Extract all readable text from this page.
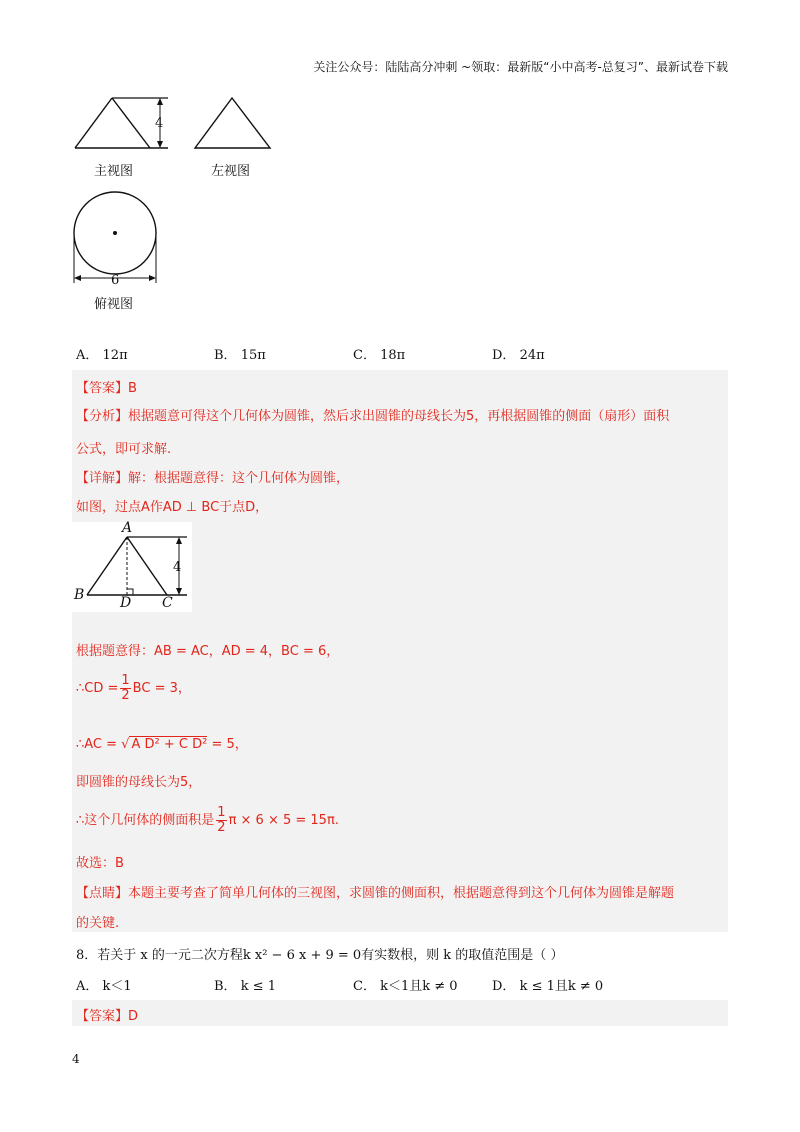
关注公众号：陆陆高分冲刺 ~领取：最新版“小中高考-总复习”、最新试卷下载
4
主视图	左视图
6
俯视图
A． 12π	B． 15π	C． 18π	D． 24π
【答案】B
【分析】根据题意可得这个几何体为圆锥，然后求出圆锥的母线长为5，再根据圆锥的侧面（扇形）面积
公式，即可求解.
【详解】解：根据题意得：这个几何体为圆锥，
如图，过点A作AD ⊥ BC于点D，
A
B	D C
4
根据题意得：AB = AC，AD = 4，BC = 6，
∴CD = $\frac{1}{2}$ BC = 3，
∴AC = √ A D² + C D² = 5，
即圆锥的母线长为5，
∴这个几何体的侧面积是 $\frac{1}{2}$ π × 6 × 5 = 15π.
故选：B
【点睛】本题主要考查了简单几何体的三视图，求圆锥的侧面积，根据题意得到这个几何体为圆锥是解题
的关键.
8．若关于 x 的一元二次方程k x² − 6 x + 9 = 0有实数根，则 k 的取值范围是（ ）
A． k＜1	B． k ≤ 1	C． k＜1且k ≠ 0	D． k ≤ 1且k ≠ 0
【答案】D
4
